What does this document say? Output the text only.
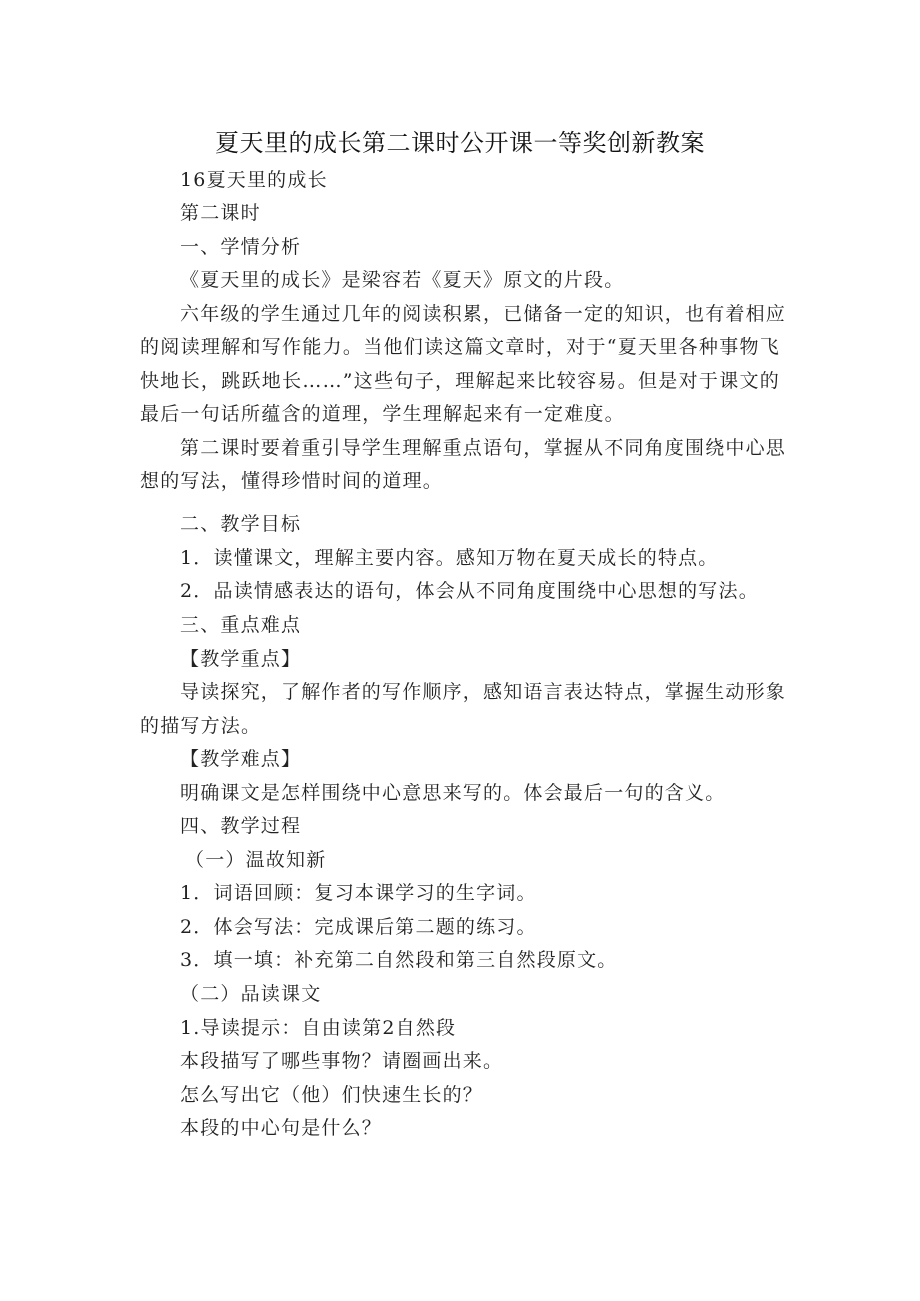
夏天里的成长第二课时公开课一等奖创新教案
16夏天里的成长
第二课时
一、学情分析
《夏天里的成长》是梁容若《夏天》原文的片段。
六年级的学生通过几年的阅读积累，已储备一定的知识，也有着相应
的阅读理解和写作能力。当他们读这篇文章时，对于“夏天里各种事物飞
快地长，跳跃地长……”这些句子，理解起来比较容易。但是对于课文的
最后一句话所蕴含的道理，学生理解起来有一定难度。
第二课时要着重引导学生理解重点语句，掌握从不同角度围绕中心思
想的写法，懂得珍惜时间的道理。
二、教学目标
1．读懂课文，理解主要内容。感知万物在夏天成长的特点。
2．品读情感表达的语句，体会从不同角度围绕中心思想的写法。
三、重点难点
【教学重点】
导读探究，了解作者的写作顺序，感知语言表达特点，掌握生动形象
的描写方法。
【教学难点】
明确课文是怎样围绕中心意思来写的。体会最后一句的含义。
四、教学过程
（一）温故知新
1．词语回顾：复习本课学习的生字词。
2．体会写法：完成课后第二题的练习。
3．填一填：补充第二自然段和第三自然段原文。
（二）品读课文
1.导读提示：自由读第2自然段
本段描写了哪些事物？请圈画出来。
怎么写出它（他）们快速生长的？
本段的中心句是什么？
